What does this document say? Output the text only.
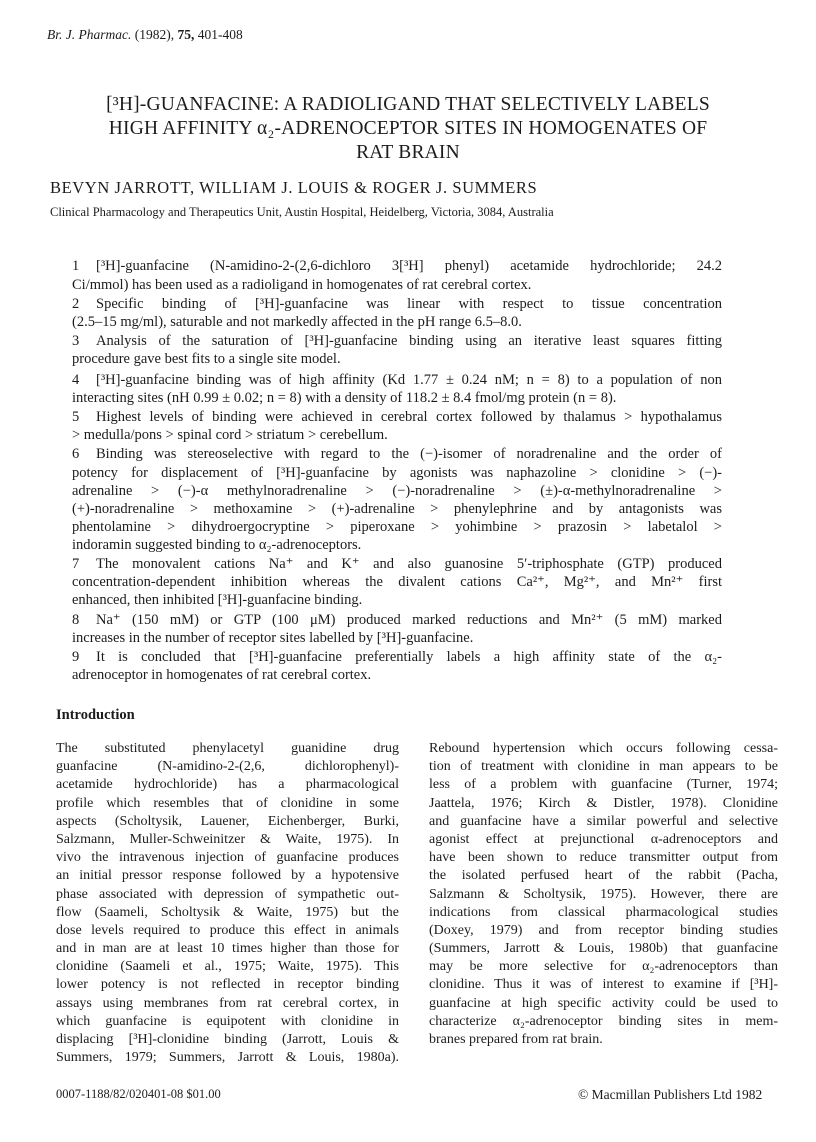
Br. J. Pharmac. (1982), 75, 401-408
[³H]-GUANFACINE: A RADIOLIGAND THAT SELECTIVELY LABELS
HIGH AFFINITY α₂-ADRENOCEPTOR SITES IN HOMOGENATES OF
RAT BRAIN
BEVYN JARROTT, WILLIAM J. LOUIS & ROGER J. SUMMERS
Clinical Pharmacology and Therapeutics Unit, Austin Hospital, Heidelberg, Victoria, 3084, Australia
1 [³H]-guanfacine (N-amidino-2-(2,6-dichloro 3[³H] phenyl) acetamide hydrochloride; 24.2
Ci/mmol) has been used as a radioligand in homogenates of rat cerebral cortex.
2 Specific binding of [³H]-guanfacine was linear with respect to tissue concentration
(2.5–15 mg/ml), saturable and not markedly affected in the pH range 6.5–8.0.
3 Analysis of the saturation of [³H]-guanfacine binding using an iterative least squares fitting
procedure gave best fits to a single site model.
4 [³H]-guanfacine binding was of high affinity (Kd 1.77 ± 0.24 nM; n = 8) to a population of non
interacting sites (nH 0.99 ± 0.02; n = 8) with a density of 118.2 ± 8.4 fmol/mg protein (n = 8).
5 Highest levels of binding were achieved in cerebral cortex followed by thalamus > hypothalamus
> medulla/pons > spinal cord > striatum > cerebellum.
6 Binding was stereoselective with regard to the (−)-isomer of noradrenaline and the order of
potency for displacement of [³H]-guanfacine by agonists was naphazoline > clonidine > (−)-
adrenaline > (−)-α methylnoradrenaline > (−)-noradrenaline > (±)-α-methylnoradrenaline >
(+)-noradrenaline > methoxamine > (+)-adrenaline > phenylephrine and by antagonists was
phentolamine > dihydroergocryptine > piperoxane > yohimbine > prazosin > labetalol >
indoramin suggested binding to α₂-adrenoceptors.
7 The monovalent cations Na⁺ and K⁺ and also guanosine 5′-triphosphate (GTP) produced
concentration-dependent inhibition whereas the divalent cations Ca²⁺, Mg²⁺, and Mn²⁺ first
enhanced, then inhibited [³H]-guanfacine binding.
8 Na⁺ (150 mM) or GTP (100 μM) produced marked reductions and Mn²⁺ (5 mM) marked
increases in the number of receptor sites labelled by [³H]-guanfacine.
9 It is concluded that [³H]-guanfacine preferentially labels a high affinity state of the α₂-
adrenoceptor in homogenates of rat cerebral cortex.
Introduction
The substituted phenylacetyl guanidine drug
guanfacine (N-amidino-2-(2,6, dichlorophenyl)-
acetamide hydrochloride) has a pharmacological
profile which resembles that of clonidine in some
aspects (Scholtysik, Lauener, Eichenberger, Burki,
Salzmann, Muller-Schweinitzer & Waite, 1975). In
vivo the intravenous injection of guanfacine produces
an initial pressor response followed by a hypotensive
phase associated with depression of sympathetic out-
flow (Saameli, Scholtysik & Waite, 1975) but the
dose levels required to produce this effect in animals
and in man are at least 10 times higher than those for
clonidine (Saameli et al., 1975; Waite, 1975). This
lower potency is not reflected in receptor binding
assays using membranes from rat cerebral cortex, in
which guanfacine is equipotent with clonidine in
displacing [³H]-clonidine binding (Jarrott, Louis &
Summers, 1979; Summers, Jarrott & Louis, 1980a).
Rebound hypertension which occurs following cessa-
tion of treatment with clonidine in man appears to be
less of a problem with guanfacine (Turner, 1974;
Jaattela, 1976; Kirch & Distler, 1978). Clonidine
and guanfacine have a similar powerful and selective
agonist effect at prejunctional α-adrenoceptors and
have been shown to reduce transmitter output from
the isolated perfused heart of the rabbit (Pacha,
Salzmann & Scholtysik, 1975). However, there are
indications from classical pharmacological studies
(Doxey, 1979) and from receptor binding studies
(Summers, Jarrott & Louis, 1980b) that guanfacine
may be more selective for α₂-adrenoceptors than
clonidine. Thus it was of interest to examine if [³H]-
guanfacine at high specific activity could be used to
characterize α₂-adrenoceptor binding sites in mem-
branes prepared from rat brain.
0007-1188/82/020401-08 $01.00	© Macmillan Publishers Ltd 1982
